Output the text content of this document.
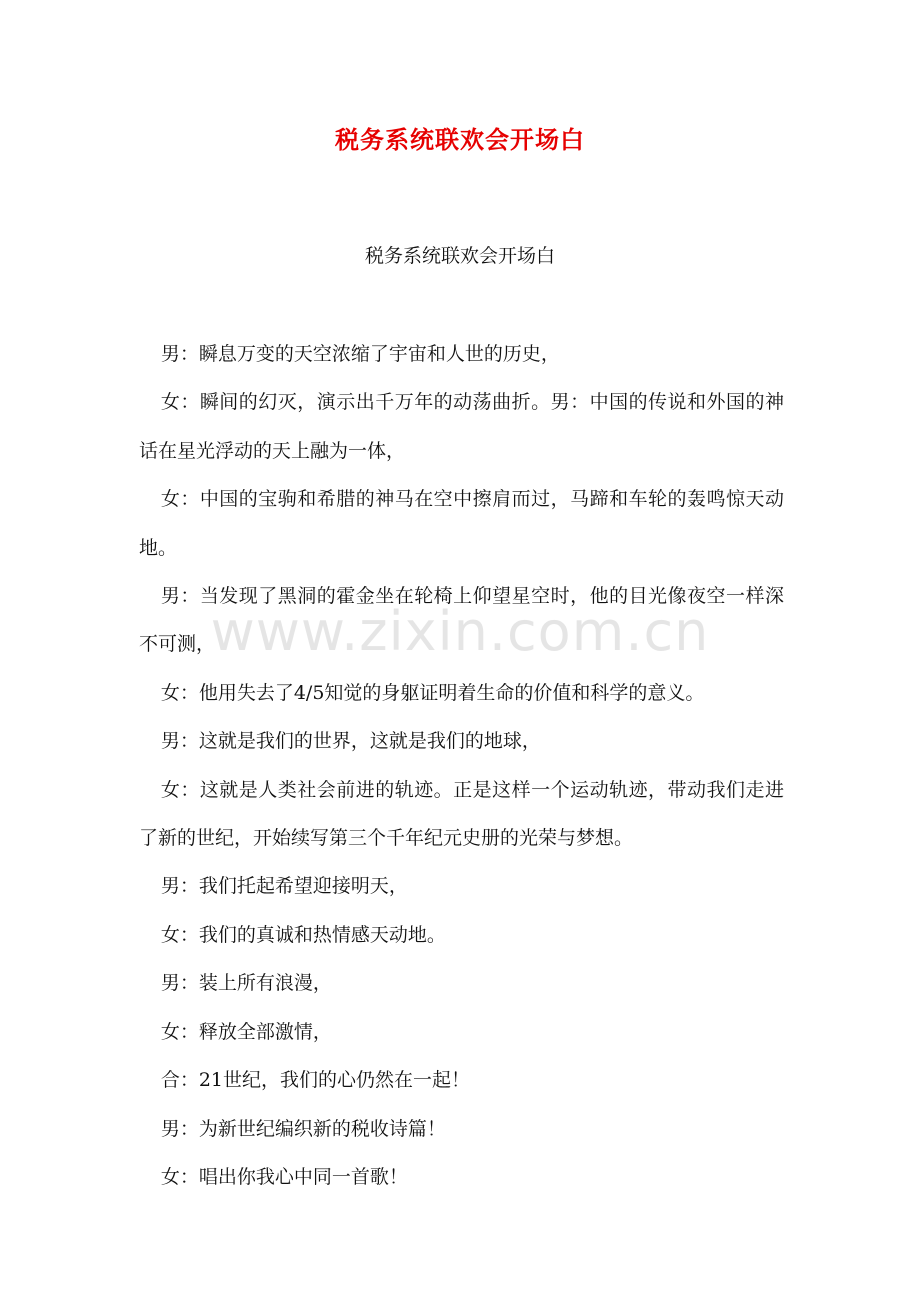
税务系统联欢会开场白
税务系统联欢会开场白

男：瞬息万变的天空浓缩了宇宙和人世的历史，

女：瞬间的幻灭，演示出千万年的动荡曲折。男：中国的传说和外国的神话在星光浮动的天上融为一体，

女：中国的宝驹和希腊的神马在空中擦肩而过，马蹄和车轮的轰鸣惊天动地。

男：当发现了黑洞的霍金坐在轮椅上仰望星空时，他的目光像夜空一样深不可测，

女：他用失去了4/5知觉的身躯证明着生命的价值和科学的意义。

男：这就是我们的世界，这就是我们的地球，

女：这就是人类社会前进的轨迹。正是这样一个运动轨迹，带动我们走进了新的世纪，开始续写第三个千年纪元史册的光荣与梦想。

男：我们托起希望迎接明天，

女：我们的真诚和热情感天动地。

男：装上所有浪漫，

女：释放全部激情，

合：21世纪，我们的心仍然在一起！

男：为新世纪编织新的税收诗篇！

女：唱出你我心中同一首歌！

www.zixin.com.cn
